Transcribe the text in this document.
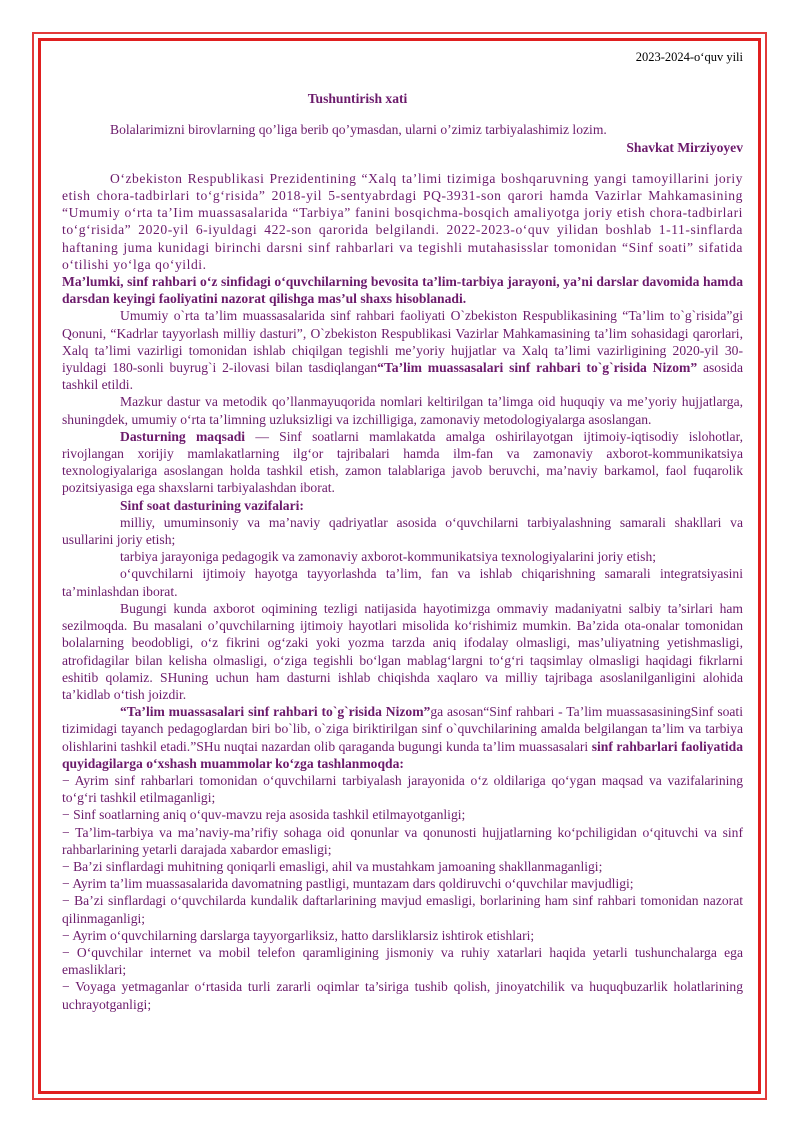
2023-2024-o‘quv yili
Tushuntirish xati

Bolalarimizni birovlarning qo’liga berib qo’ymasdan, ularni o’zimiz tarbiyalashimiz lozim.

Shavkat Mirziyoyev

O‘zbekiston Respublikasi Prezidentining “Xalq ta’limi tizimiga boshqaruvning yangi tamoyillarini joriy etish chora-tadbirlari to‘g‘risida” 2018-yil 5-sentyabrdagi PQ-3931-son qarori hamda Vazirlar Mahkamasining “Umumiy o‘rta ta’Iim muassasalarida “Tarbiya” fanini bosqichma-bosqich amaliyotga joriy etish chora-tadbirlari to‘g‘risida” 2020-yil 6-iyuldagi 422-son qarorida belgilandi. 2022-2023-o‘quv yilidan boshlab 1-11-sinflarda haftaning juma kunidagi birinchi darsni sinf rahbarlari va tegishli mutahasisslar tomonidan “Sinf soati” sifatida o‘tilishi yo‘lga qo‘yildi.

Ma’lumki, sinf rahbari o‘z sinfidagi o‘quvchilarning bevosita ta’lim-tarbiya jarayoni, ya’ni darslar davomida hamda darsdan keyingi faoliyatini nazorat qilishga mas’ul shaxs hisoblanadi.

Umumiy o`rta ta’lim muassasalarida sinf rahbari faoliyati O`zbekiston Respublikasining “Ta’lim to`g`risida”gi Qonuni, “Kadrlar tayyorlash milliy dasturi”, O`zbekiston Respublikasi Vazirlar Mahkamasining ta’lim sohasidagi qarorlari, Xalq ta’limi vazirligi tomonidan ishlab chiqilgan tegishli me’yoriy hujjatlar va Xalq ta’limi vazirligining 2020-yil 30-iyuldagi 180-sonli buyrug`i 2-ilovasi bilan tasdiqlangan“Ta’lim muassasalari sinf rahbari to`g`risida Nizom” asosida tashkil etildi.

Mazkur dastur va metodik qo’llanmayuqorida nomlari keltirilgan ta’limga oid huquqiy va me’yoriy hujjatlarga, shuningdek, umumiy o‘rta ta’limning uzluksizligi va izchilligiga, zamonaviy metodologiyalarga asoslangan.

Dasturning maqsadi — Sinf soatlarni mamlakatda amalga oshirilayotgan ijtimoiy-iqtisodiy islohotlar, rivojlangan xorijiy mamlakatlarning ilg‘or tajribalari hamda ilm-fan va zamonaviy axborot-kommunikatsiya texnologiyalariga asoslangan holda tashkil etish, zamon talablariga javob beruvchi, ma’naviy barkamol, faol fuqarolik pozitsiyasiga ega shaxslarni tarbiyalashdan iborat.

Sinf soat dasturining vazifalari:

milliy, umuminsoniy va ma’naviy qadriyatlar asosida o‘quvchilarni tarbiyalashning samarali shakllari va usullarini joriy etish;

tarbiya jarayoniga pedagogik va zamonaviy axborot-kommunikatsiya texnologiyalarini joriy etish;

o‘quvchilarni ijtimoiy hayotga tayyorlashda ta’lim, fan va ishlab chiqarishning samarali integratsiyasini ta’minlashdan iborat.

Bugungi kunda axborot oqimining tezligi natijasida hayotimizga ommaviy madaniyatni salbiy ta’sirlari ham sezilmoqda. Bu masalani o’quvchilarning ijtimoiy hayotlari misolida ko‘rishimiz mumkin. Ba’zida ota-onalar tomonidan bolalarning beodobligi, o‘z fikrini og‘zaki yoki yozma tarzda aniq ifodalay olmasligi, mas’uliyatning yetishmasligi, atrofidagilar bilan kelisha olmasligi, o‘ziga tegishli bo‘lgan mablag‘largni to‘g‘ri taqsimlay olmasligi haqidagi fikrlarni eshitib qolamiz. SHuning uchun ham dasturni ishlab chiqishda xaqlaro va milliy tajribaga asoslanilganligini alohida ta’kidlab o‘tish joizdir.

“Ta’lim muassasalari sinf rahbari to`g`risida Nizom”ga asosan“Sinf rahbari - Ta’lim muassasasiningSinf soati tizimidagi tayanch pedagoglardan biri bo`lib, o`ziga biriktirilgan sinf o`quvchilarining amalda belgilangan ta’lim va tarbiya olishlarini tashkil etadi.”SHu nuqtai nazardan olib qaraganda bugungi kunda ta’lim muassasalari sinf rahbarlari faoliyatida quyidagilarga o‘xshash muammolar ko‘zga tashlanmoqda:

− Ayrim sinf rahbarlari tomonidan o‘quvchilarni tarbiyalash jarayonida o‘z oldilariga qo‘ygan maqsad va vazifalarining to‘g‘ri tashkil etilmaganligi;

− Sinf soatlarning aniq o‘quv-mavzu reja asosida tashkil etilmayotganligi;

− Ta’lim-tarbiya va ma’naviy-ma’rifiy sohaga oid qonunlar va qonunosti hujjatlarning ko‘pchiligidan o‘qituvchi va sinf rahbarlarining yetarli darajada xabardor emasligi;

− Ba’zi sinflardagi muhitning qoniqarli emasligi, ahil va mustahkam jamoaning shakllanmaganligi;

− Ayrim ta’lim muassasalarida davomatning pastligi, muntazam dars qoldiruvchi o‘quvchilar mavjudligi;

− Ba’zi sinflardagi o‘quvchilarda kundalik daftarlarining mavjud emasligi, borlarining ham sinf rahbari tomonidan nazorat qilinmaganligi;

− Ayrim o‘quvchilarning darslarga tayyorgarliksiz, hatto darsliklarsiz ishtirok etishlari;

− O‘quvchilar internet va mobil telefon qaramligining jismoniy va ruhiy xatarlari haqida yetarli tushunchalarga ega emasliklari;

− Voyaga yetmaganlar o‘rtasida turli zararli oqimlar ta’siriga tushib qolish, jinoyatchilik va huquqbuzarlik holatlarining uchrayotganligi;
